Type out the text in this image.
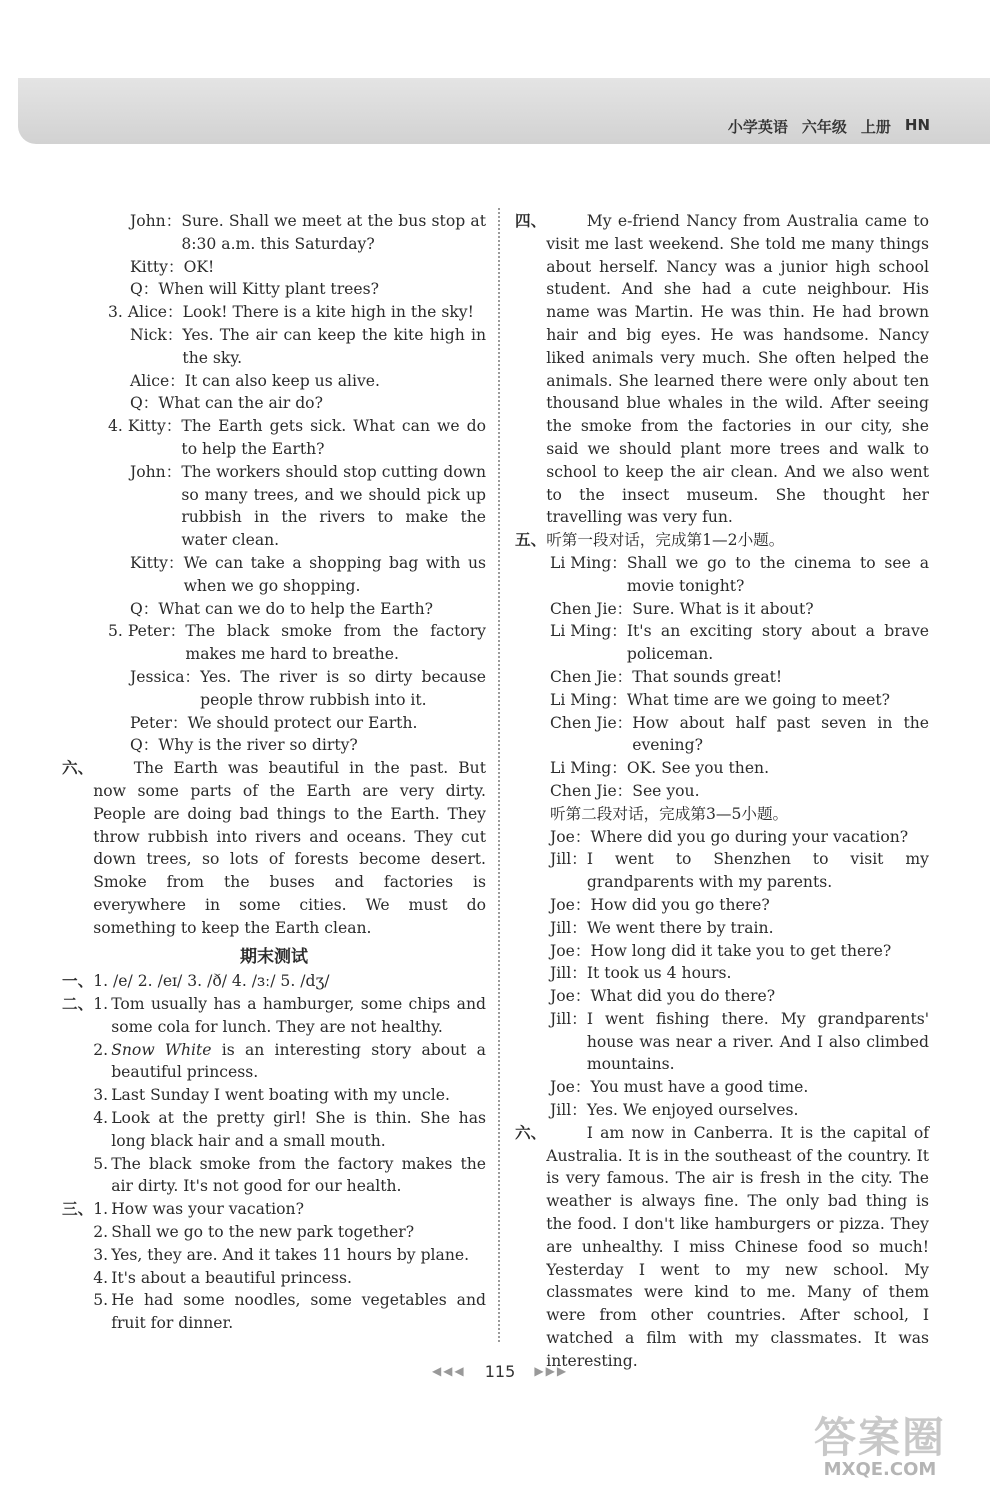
小学英语 六年级 上册 HN
John： Sure. Shall we meet at the bus stop at 8:30 a.m. this Saturday?
Kitty： OK!
Q： When will Kitty plant trees?
3. Alice： Look! There is a kite high in the sky!
Nick： Yes. The air can keep the kite high in the sky.
Alice： It can also keep us alive.
Q： What can the air do?
4. Kitty： The Earth gets sick. What can we do to help the Earth?
John： The workers should stop cutting down so many trees, and we should pick up rubbish in the rivers to make the water clean.
Kitty： We can take a shopping bag with us when we go shopping.
Q： What can we do to help the Earth?
5. Peter： The black smoke from the factory makes me hard to breathe.
Jessica： Yes. The river is so dirty because people throw rubbish into it.
Peter： We should protect our Earth.
Q： Why is the river so dirty?
六、	The Earth was beautiful in the past. But now some parts of the Earth are very dirty. People are doing bad things to the Earth. They throw rubbish into rivers and oceans. They cut down trees, so lots of forests become desert. Smoke from the buses and factories is everywhere in some cities. We must do something to keep the Earth clean.

期末测试
一、 1. /e/ 2. /eɪ/ 3. /ð/ 4. /ɜː/ 5. /dʒ/
二、 1. Tom usually has a hamburger, some chips and some cola for lunch. They are not healthy.
2. Snow White is an interesting story about a beautiful princess.
3. Last Sunday I went boating with my uncle.
4. Look at the pretty girl! She is thin. She has long black hair and a small mouth.
5. The black smoke from the factory makes the air dirty. It's not good for our health.
三、 1. How was your vacation?
2. Shall we go to the new park together?
3. Yes, they are. And it takes 11 hours by plane.
4. It's about a beautiful princess.
5. He had some noodles, some vegetables and fruit for dinner.
四、	My e-friend Nancy from Australia came to visit me last weekend. She told me many things about herself. Nancy was a junior high school student. And she had a cute neighbour. His name was Martin. He was thin. He had brown hair and big eyes. He was handsome. Nancy liked animals very much. She often helped the animals. She learned there were only about ten thousand blue whales in the wild. After seeing the smoke from the factories in our city, she said we should plant more trees and walk to school to keep the air clean. And we also went to the insect museum. She thought her travelling was very fun.

五、 听第一段对话，完成第1—2小题。
Li Ming： Shall we go to the cinema to see a movie tonight?
Chen Jie： Sure. What is it about?
Li Ming： It's an exciting story about a brave policeman.
Chen Jie： That sounds great!
Li Ming： What time are we going to meet?
Chen Jie： How about half past seven in the evening?
Li Ming： OK. See you then.
Chen Jie： See you.
听第二段对话，完成第3—5小题。
Joe： Where did you go during your vacation?
Jill： I went to Shenzhen to visit my grandparents with my parents.
Joe： How did you go there?
Jill： We went there by train.
Joe： How long did it take you to get there?
Jill： It took us 4 hours.
Joe： What did you do there?
Jill： I went fishing there. My grandparents' house was near a river. And I also climbed mountains.
Joe： You must have a good time.
Jill： Yes. We enjoyed ourselves.
六、	I am now in Canberra. It is the capital of Australia. It is in the southeast of the country. It is very famous. The air is fresh in the city. The weather is always fine. The only bad thing is the food. I don't like hamburgers or pizza. They are unhealthy. I miss Chinese food so much! Yesterday I went to my new school. My classmates were kind to me. Many of them were from other countries. After school, I watched a film with my classmates. It was interesting.

◀◀◀ 115 ▶▶▶
答案圈
MXQE.COM
